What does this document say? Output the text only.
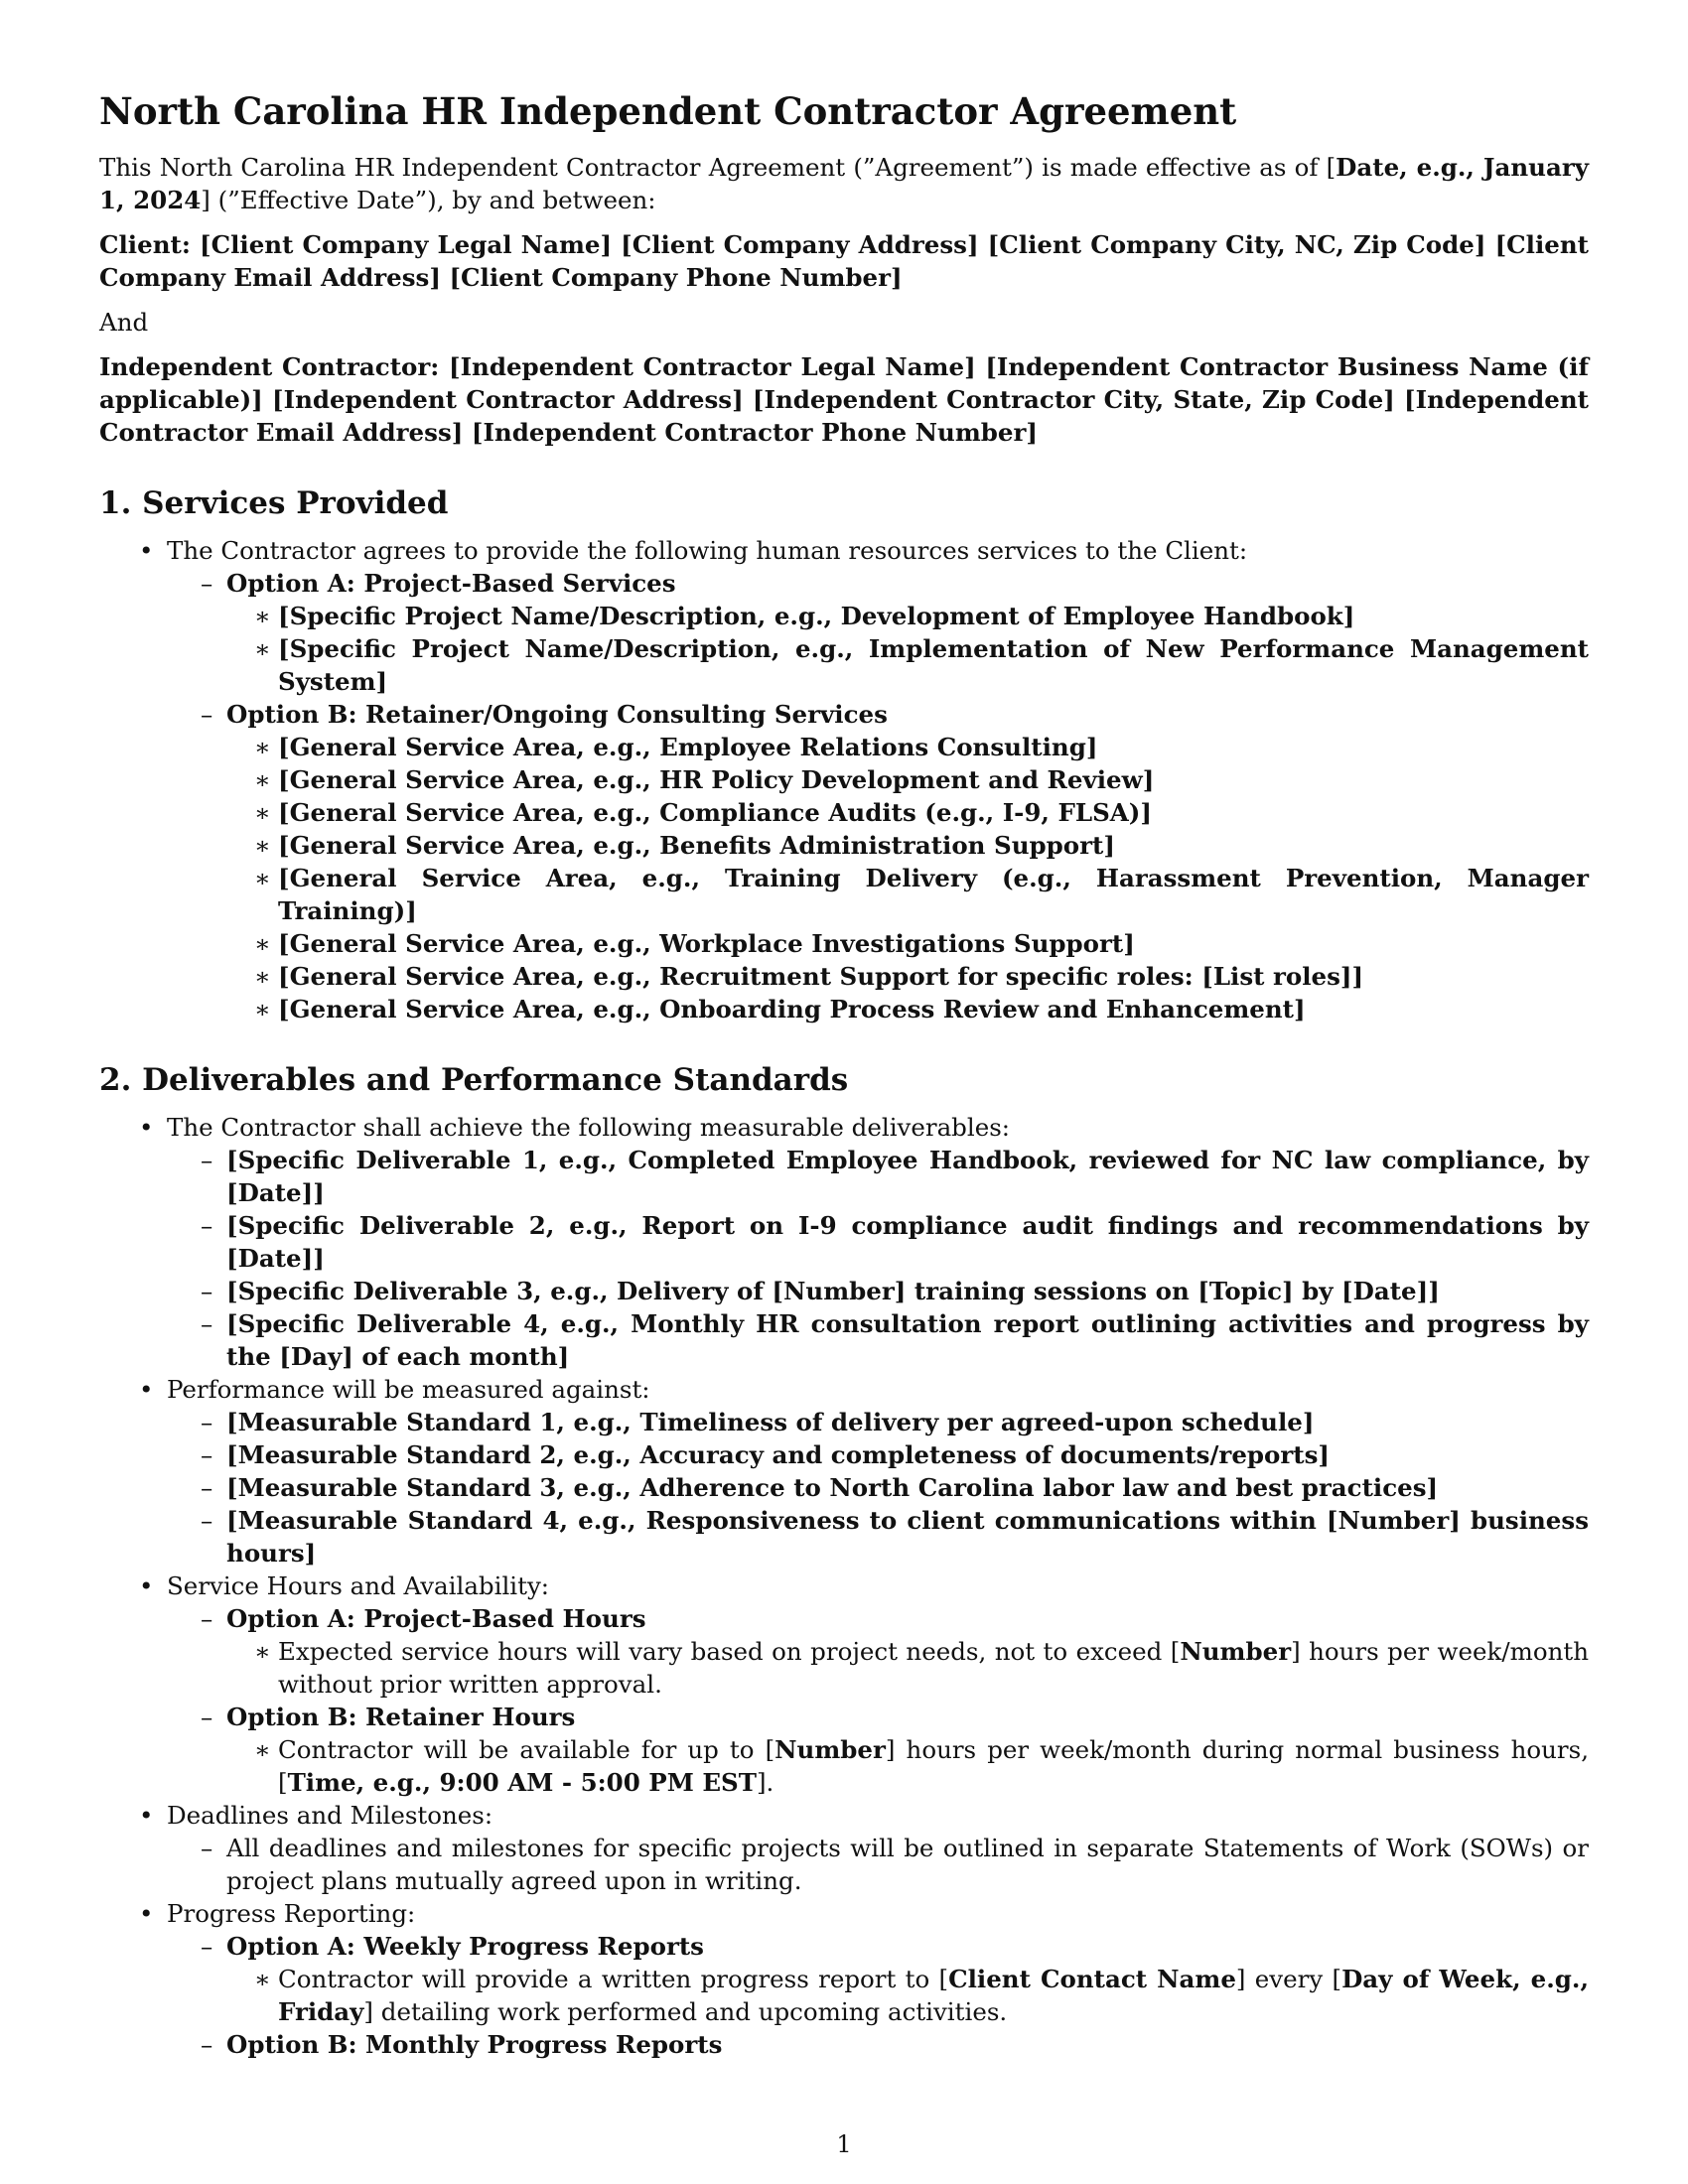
North Carolina HR Independent Contractor Agreement

This North Carolina HR Independent Contractor Agreement (”Agreement”) is made effective as of [Date, e.g., January 1, 2024] (”Effective Date”), by and between:

Client: [Client Company Legal Name] [Client Company Address] [Client Company City, NC, Zip Code] [Client Company Email Address] [Client Company Phone Number]

And

Independent Contractor: [Independent Contractor Legal Name] [Independent Contractor Business Name (if applicable)] [Independent Contractor Address] [Independent Contractor City, State, Zip Code] [Independent Contractor Email Address] [Independent Contractor Phone Number]

1. Services Provided
• The Contractor agrees to provide the following human resources services to the Client:
– Option A: Project-Based Services
∗ [Specific Project Name/Description, e.g., Development of Employee Handbook]
∗ [Specific Project Name/Description, e.g., Implementation of New Performance Management System]
– Option B: Retainer/Ongoing Consulting Services
∗ [General Service Area, e.g., Employee Relations Consulting]
∗ [General Service Area, e.g., HR Policy Development and Review]
∗ [General Service Area, e.g., Compliance Audits (e.g., I-9, FLSA)]
∗ [General Service Area, e.g., Benefits Administration Support]
∗ [General Service Area, e.g., Training Delivery (e.g., Harassment Prevention, Manager Training)]
∗ [General Service Area, e.g., Workplace Investigations Support]
∗ [General Service Area, e.g., Recruitment Support for specific roles: [List roles]]
∗ [General Service Area, e.g., Onboarding Process Review and Enhancement]
2. Deliverables and Performance Standards
• The Contractor shall achieve the following measurable deliverables:
– [Specific Deliverable 1, e.g., Completed Employee Handbook, reviewed for NC law compliance, by [Date]]
– [Specific Deliverable 2, e.g., Report on I-9 compliance audit findings and recommendations by [Date]]
– [Specific Deliverable 3, e.g., Delivery of [Number] training sessions on [Topic] by [Date]]
– [Specific Deliverable 4, e.g., Monthly HR consultation report outlining activities and progress by the [Day] of each month]
• Performance will be measured against:
– [Measurable Standard 1, e.g., Timeliness of delivery per agreed-upon schedule]
– [Measurable Standard 2, e.g., Accuracy and completeness of documents/reports]
– [Measurable Standard 3, e.g., Adherence to North Carolina labor law and best practices]
– [Measurable Standard 4, e.g., Responsiveness to client communications within [Number] business hours]
• Service Hours and Availability:
– Option A: Project-Based Hours
∗ Expected service hours will vary based on project needs, not to exceed [Number] hours per week/month without prior written approval.
– Option B: Retainer Hours
∗ Contractor will be available for up to [Number] hours per week/month during normal business hours, [Time, e.g., 9:00 AM - 5:00 PM EST].
• Deadlines and Milestones:
– All deadlines and milestones for specific projects will be outlined in separate Statements of Work (SOWs) or project plans mutually agreed upon in writing.
• Progress Reporting:
– Option A: Weekly Progress Reports
∗ Contractor will provide a written progress report to [Client Contact Name] every [Day of Week, e.g., Friday] detailing work performed and upcoming activities.
– Option B: Monthly Progress Reports
1
